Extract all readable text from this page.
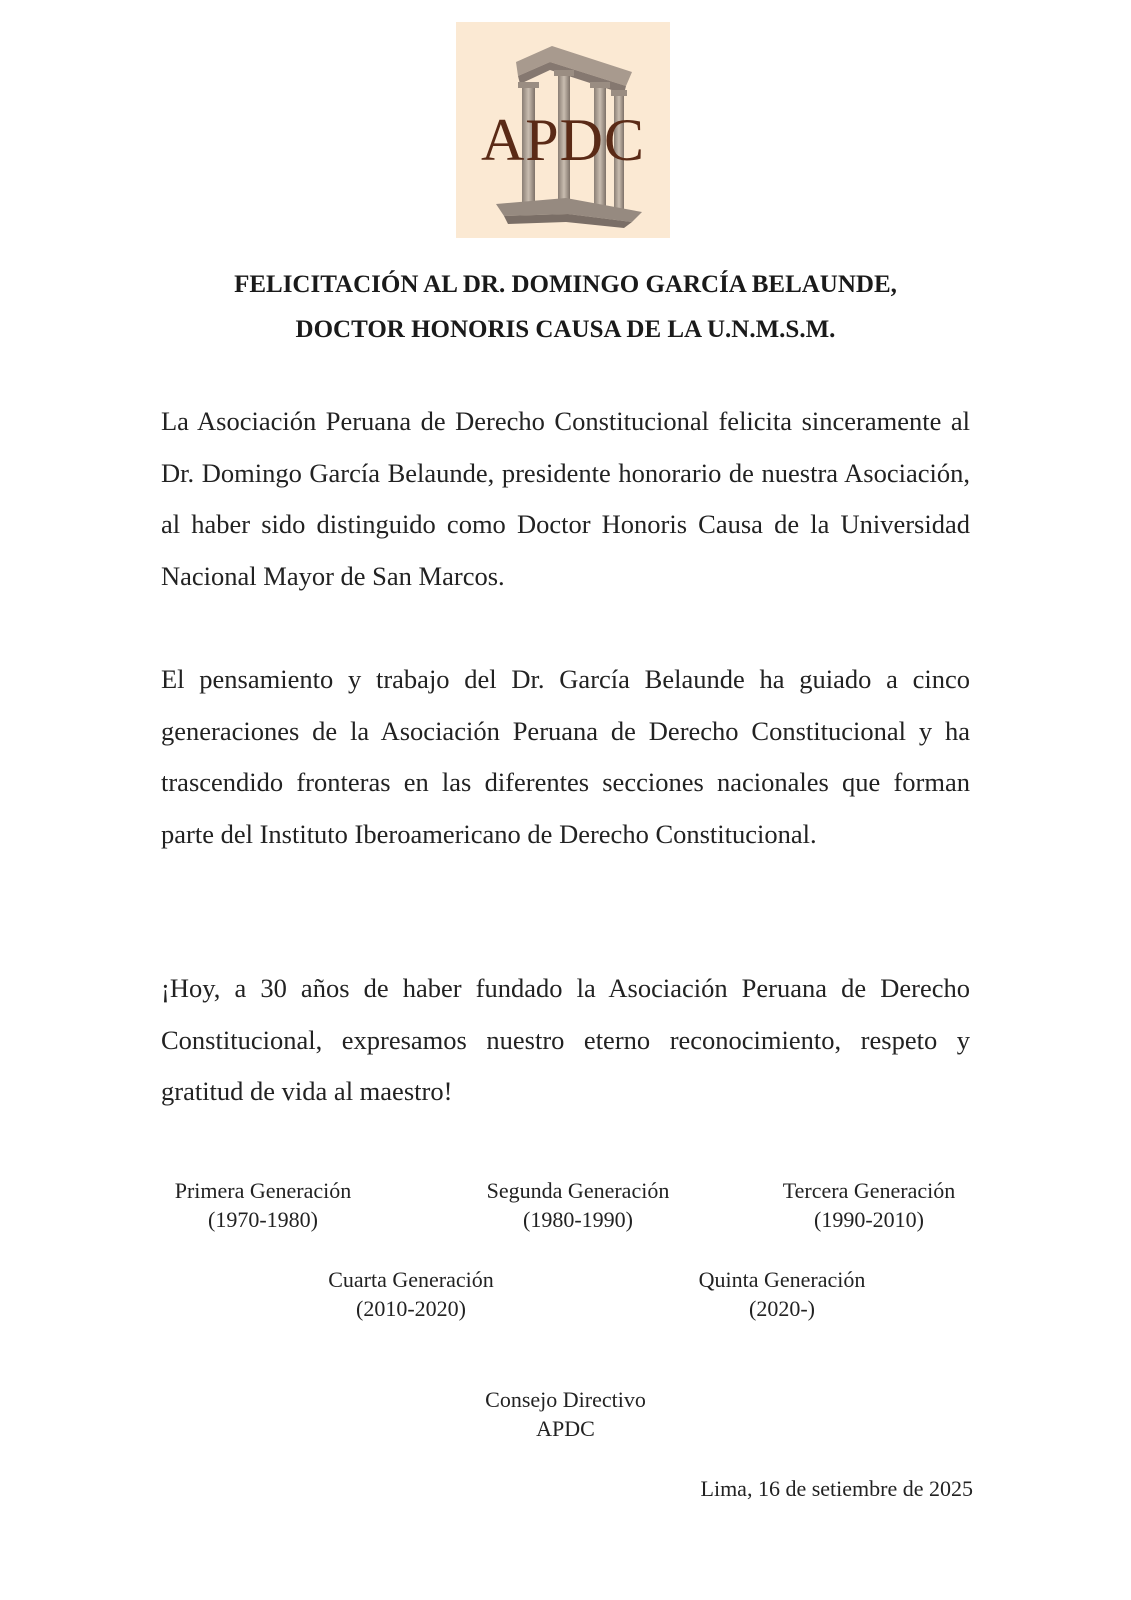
APDC
FELICITACIÓN AL DR. DOMINGO GARCÍA BELAUNDE,
DOCTOR HONORIS CAUSA DE LA U.N.M.S.M.

La Asociación Peruana de Derecho Constitucional felicita sinceramente al Dr. Domingo García Belaunde, presidente honorario de nuestra Asociación, al haber sido distinguido como Doctor Honoris Causa de la Universidad Nacional Mayor de San Marcos.

El pensamiento y trabajo del Dr. García Belaunde ha guiado a cinco generaciones de la Asociación Peruana de Derecho Constitucional y ha trascendido fronteras en las diferentes secciones nacionales que forman parte del Instituto Iberoamericano de Derecho Constitucional.

¡Hoy, a 30 años de haber fundado la Asociación Peruana de Derecho Constitucional, expresamos nuestro eterno reconocimiento, respeto y gratitud de vida al maestro!

Primera Generación
(1970-1980)
Segunda Generación
(1980-1990)
Tercera Generación
(1990-2010)
Cuarta Generación
(2010-2020)
Quinta Generación
(2020-)
Consejo Directivo
APDC
Lima, 16 de setiembre de 2025
